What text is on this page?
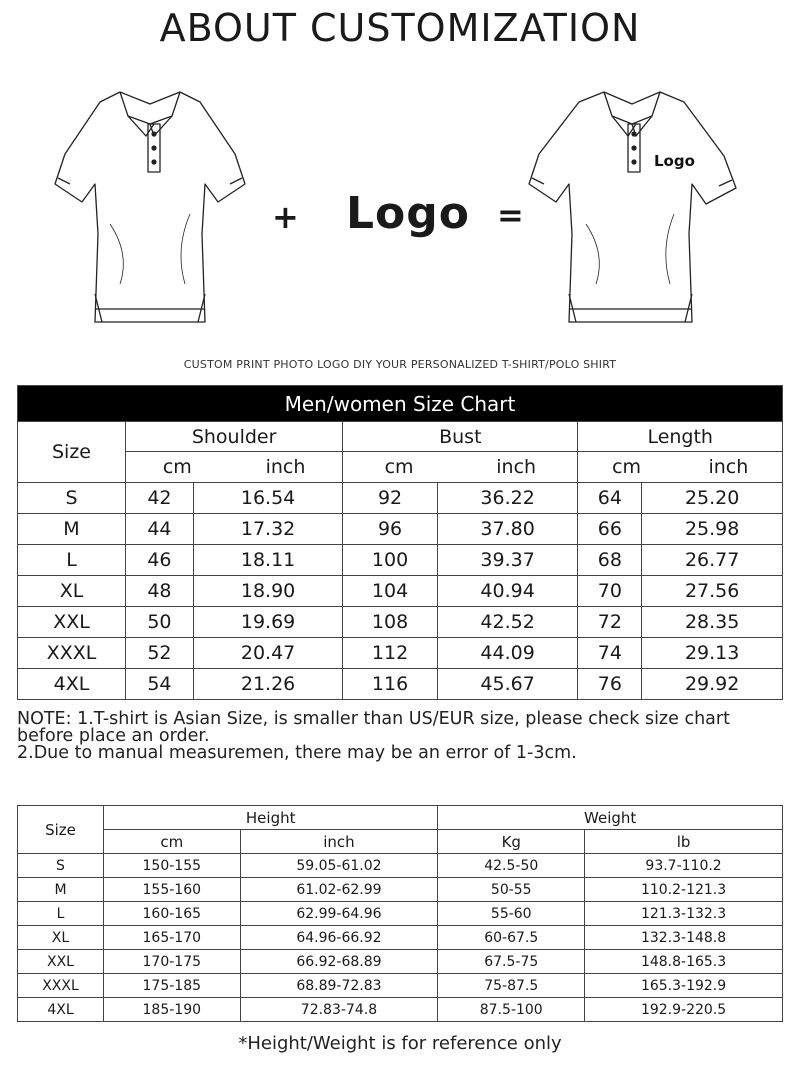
ABOUT CUSTOMIZATION
+ Logo =
Logo
CUSTOM PRINT PHOTO LOGO DIY YOUR PERSONALIZED T-SHIRT/POLO SHIRT
Men/women Size Chart						
Size	Shoulder		Bust		Length	

	cm inch		cm inch		cm inch	

S	42	16.54	92	36.22	64	25.20
M	44	17.32	96	37.80	66	25.98
L	46	18.11	100	39.37	68	26.77
XL	48	18.90	104	40.94	70	27.56
XXL	50	19.69	108	42.52	72	28.35
XXXL	52	20.47	112	44.09	74	29.13
4XL	54	21.26	116	45.67	76	29.92
NOTE: 1.T-shirt is Asian Size, is smaller than US/EUR size, please check size chart before place an order.
2.Due to manual measuremen, there may be an error of 1-3cm.
Size	Height		Weight	
	cm	inch	Kg	lb
S	150-155	59.05-61.02	42.5-50	93.7-110.2
M	155-160	61.02-62.99	50-55	110.2-121.3
L	160-165	62.99-64.96	55-60	121.3-132.3
XL	165-170	64.96-66.92	60-67.5	132.3-148.8
XXL	170-175	66.92-68.89	67.5-75	148.8-165.3
XXXL	175-185	68.89-72.83	75-87.5	165.3-192.9
4XL	185-190	72.83-74.8	87.5-100	192.9-220.5
*Height/Weight is for reference only
